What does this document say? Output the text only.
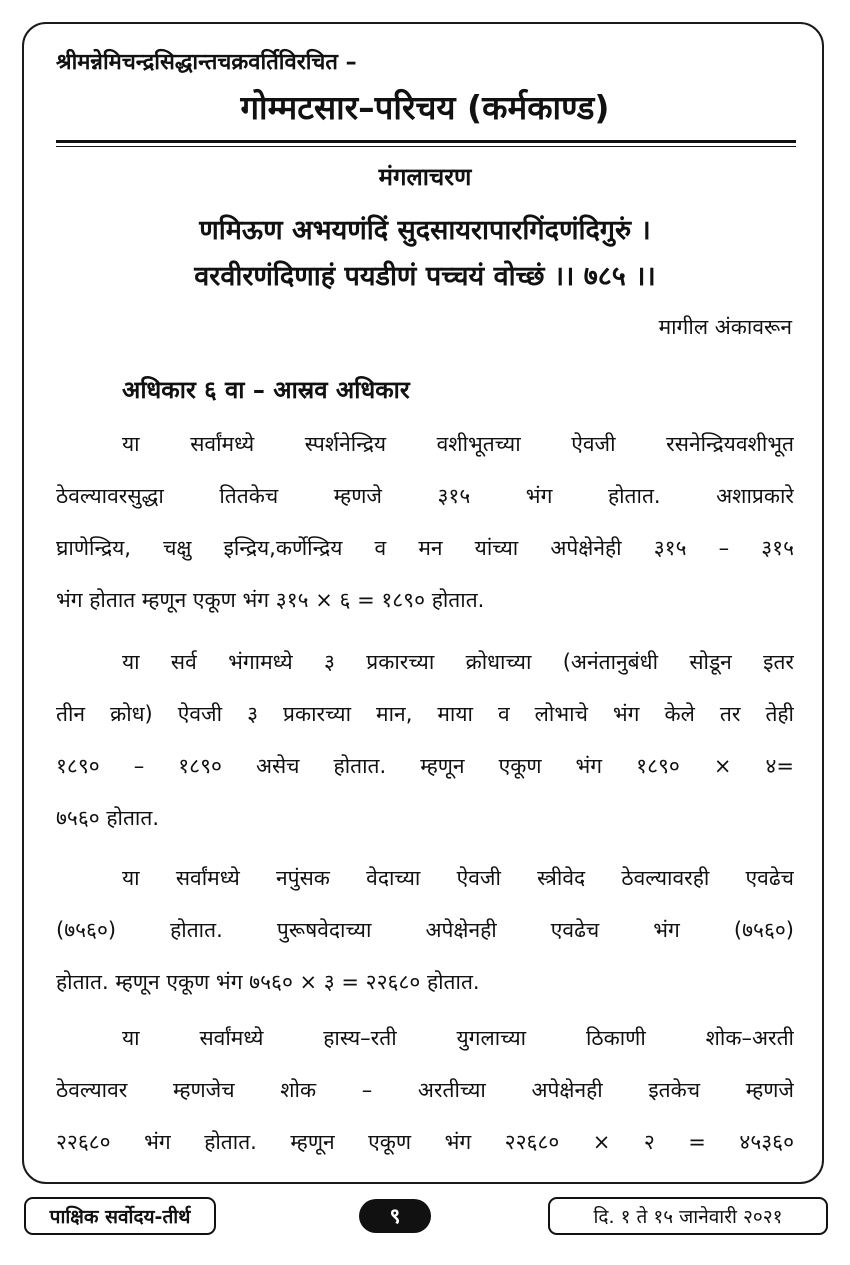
श्रीमन्नेमिचन्द्रसिद्धान्तचक्रवर्तिविरचित –
गोम्मटसार–परिचय (कर्मकाण्ड)
मंगलाचरण
णमिऊण अभयणंदिं सुदसायरापारगिंदणंदिगुरुं ।
वरवीरणंदिणाहं पयडीणं पच्चयं वोच्छं ।। ७८५ ।।
मागील अंकावरून
अधिकार ६ वा – आस्रव अधिकार
या सर्वांमध्ये स्पर्शनेन्द्रिय वशीभूतच्या ऐवजी रसनेन्द्रियवशीभूत
ठेवल्यावरसुद्धा तितकेच म्हणजे ३१५ भंग होतात. अशाप्रकारे
घ्राणेन्द्रिय, चक्षु इन्द्रिय,कर्णेन्द्रिय व मन यांच्या अपेक्षेनेही ३१५ – ३१५
भंग होतात म्हणून एकूण भंग ३१५ × ६ = १८९० होतात.
या सर्व भंगामध्ये ३ प्रकारच्या क्रोधाच्या (अनंतानुबंधी सोडून इतर
तीन क्रोध) ऐवजी ३ प्रकारच्या मान, माया व लोभाचे भंग केले तर तेही
१८९० – १८९० असेच होतात. म्हणून एकूण भंग १८९० × ४=
७५६० होतात.
या सर्वांमध्ये नपुंसक वेदाच्या ऐवजी स्त्रीवेद ठेवल्यावरही एवढेच
(७५६०) होतात. पुरूषवेदाच्या अपेक्षेनही एवढेच भंग (७५६०)
होतात. म्हणून एकूण भंग ७५६० × ३ = २२६८० होतात.
या सर्वांमध्ये हास्य–रती युगलाच्या ठिकाणी शोक–अरती
ठेवल्यावर म्हणजेच शोक – अरतीच्या अपेक्षेनही इतकेच म्हणजे
२२६८० भंग होतात. म्हणून एकूण भंग २२६८० × २ = ४५३६०
पाक्षिक सर्वोदय-तीर्थ	९	दि. १ ते १५ जानेवारी २०२१
